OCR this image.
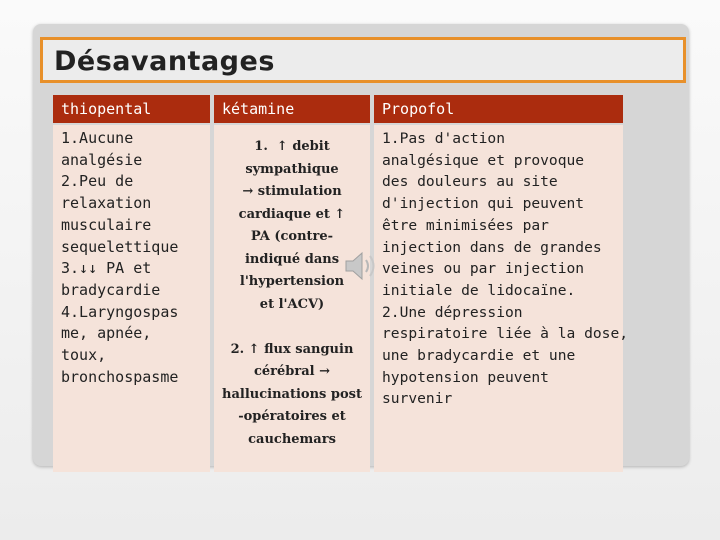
Désavantages
thiopental	kétamine	Propofol
1.Aucune
analgésie
2.Peu de
relaxation
musculaire
sequelettique
3.↓↓ PA et
bradycardie
4.Laryngospas
me, apnée,
toux,
bronchospasme
1.  ↑ debit
sympathique
→ stimulation
cardiaque et ↑
PA (contre-
indiqué dans
l'hypertension
et l'ACV)

2. ↑ flux sanguin
cérébral →
hallucinations post
-opératoires et
cauchemars
1.Pas d'action
analgésique et provoque
des douleurs au site
d'injection qui peuvent
être minimisées par
injection dans de grandes
veines ou par injection
initiale de lidocaïne.
2.Une dépression
respiratoire liée à la dose,
une bradycardie et une
hypotension peuvent
survenir
